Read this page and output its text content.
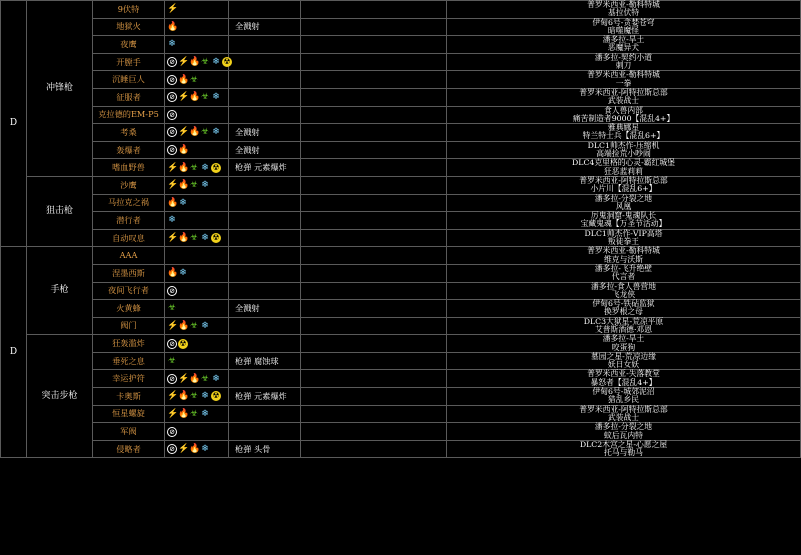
D	冲锋枪	9伏特	⚡			普罗米西亚-勒科特城
基拉伏特	
		地狱火	🔥	全溅射		伊甸6号-贪婪苍穹
暗噬魔怪	
		夜鹰	❄			潘多拉-旱土
恶魔异犬	
		开膛手	⊘ ⚡🔥☣ ❄ ☢			潘多拉-契约小道
刺刀	
		沉睡巨人	⊘ 🔥☣			普罗米西亚-勒科特城
一拳	
		征服者	⊘ ⚡🔥☣ ❄			普罗米西亚-阿特拉斯总部
武装战士	
		克拉德的EM-P5	⊘			食人兽内部
痛苦制造者9000【混乱4+】	
		考桑	⊘ ⚡🔥☣ ❄	全溅射		雅典娜星
特兰特士兵【混乱6+】	
		轰爆者	⊘ 🔥	全溅射		DLC1帅杰作-压缩机
高端捡荒小吵闹	
		嗜血野兽	⚡🔥☣ ❄ ☢	枪弹 元素爆炸		DLC4克里格的心灵-霸红城堡
狂恶蓝莉莉	
	狙击枪	沙鹰	⚡🔥☣ ❄			普罗米西亚-阿特拉斯总部
小片川【混乱6+】	
		马拉克之祸	🔥❄			潘多拉-分裂之地
风凰	
		潜行者	❄			厉鬼洞窟-鬼魂队长
宝藏鬼魂【万圣节活动】	
		自动叹息	⚡🔥☣ ❄ ☢			DLC1帅杰作-VIP高塔
叛徒拳王	
D	手枪	AAA				普罗米西亚-勒科特城
维克与沃斯	
		涅墨西斯	🔥❄			潘多拉-飞升绝壁
代言者	
		夜间飞行者	⊘			潘多拉-食人兽营地
飞龙侠	
		火黄蜂	☣	全溅射		伊甸6号-铁砧监狱
换罗根之母	
		阀门	⚡🔥☣ ❄			DLC3大狱星-荒凉平原
艾普斯酒德·邓恩	
	突击步枪	狂轰滥炸	⊘ ☢			潘多拉-旱土
咬蛋狗	
		垂死之息	☣	枪弹 腐蚀球		墓园之星-荒凉边缘
妖日女妖	
		幸运护符	⊘ ⚡🔥☣ ❄			普罗米西亚-失落教堂
暴怒者【混乱4+】	
		卡奥斯	⚡🔥☣ ❄ ☢	枪弹 元素爆炸		伊甸6号-城郊泥沼
猎乱乡民	
		恒星螺旋	⚡🔥☣ ❄			普罗米西亚-阿特拉斯总部
武装战士	
		军阀	⊘			潘多拉-分裂之地
蚊后瓦内特	
		侵略者	⊘ ⚡🔥❄	枪弹 头骨		DLC2木宫之星-心愿之屋
托马与勒马	
